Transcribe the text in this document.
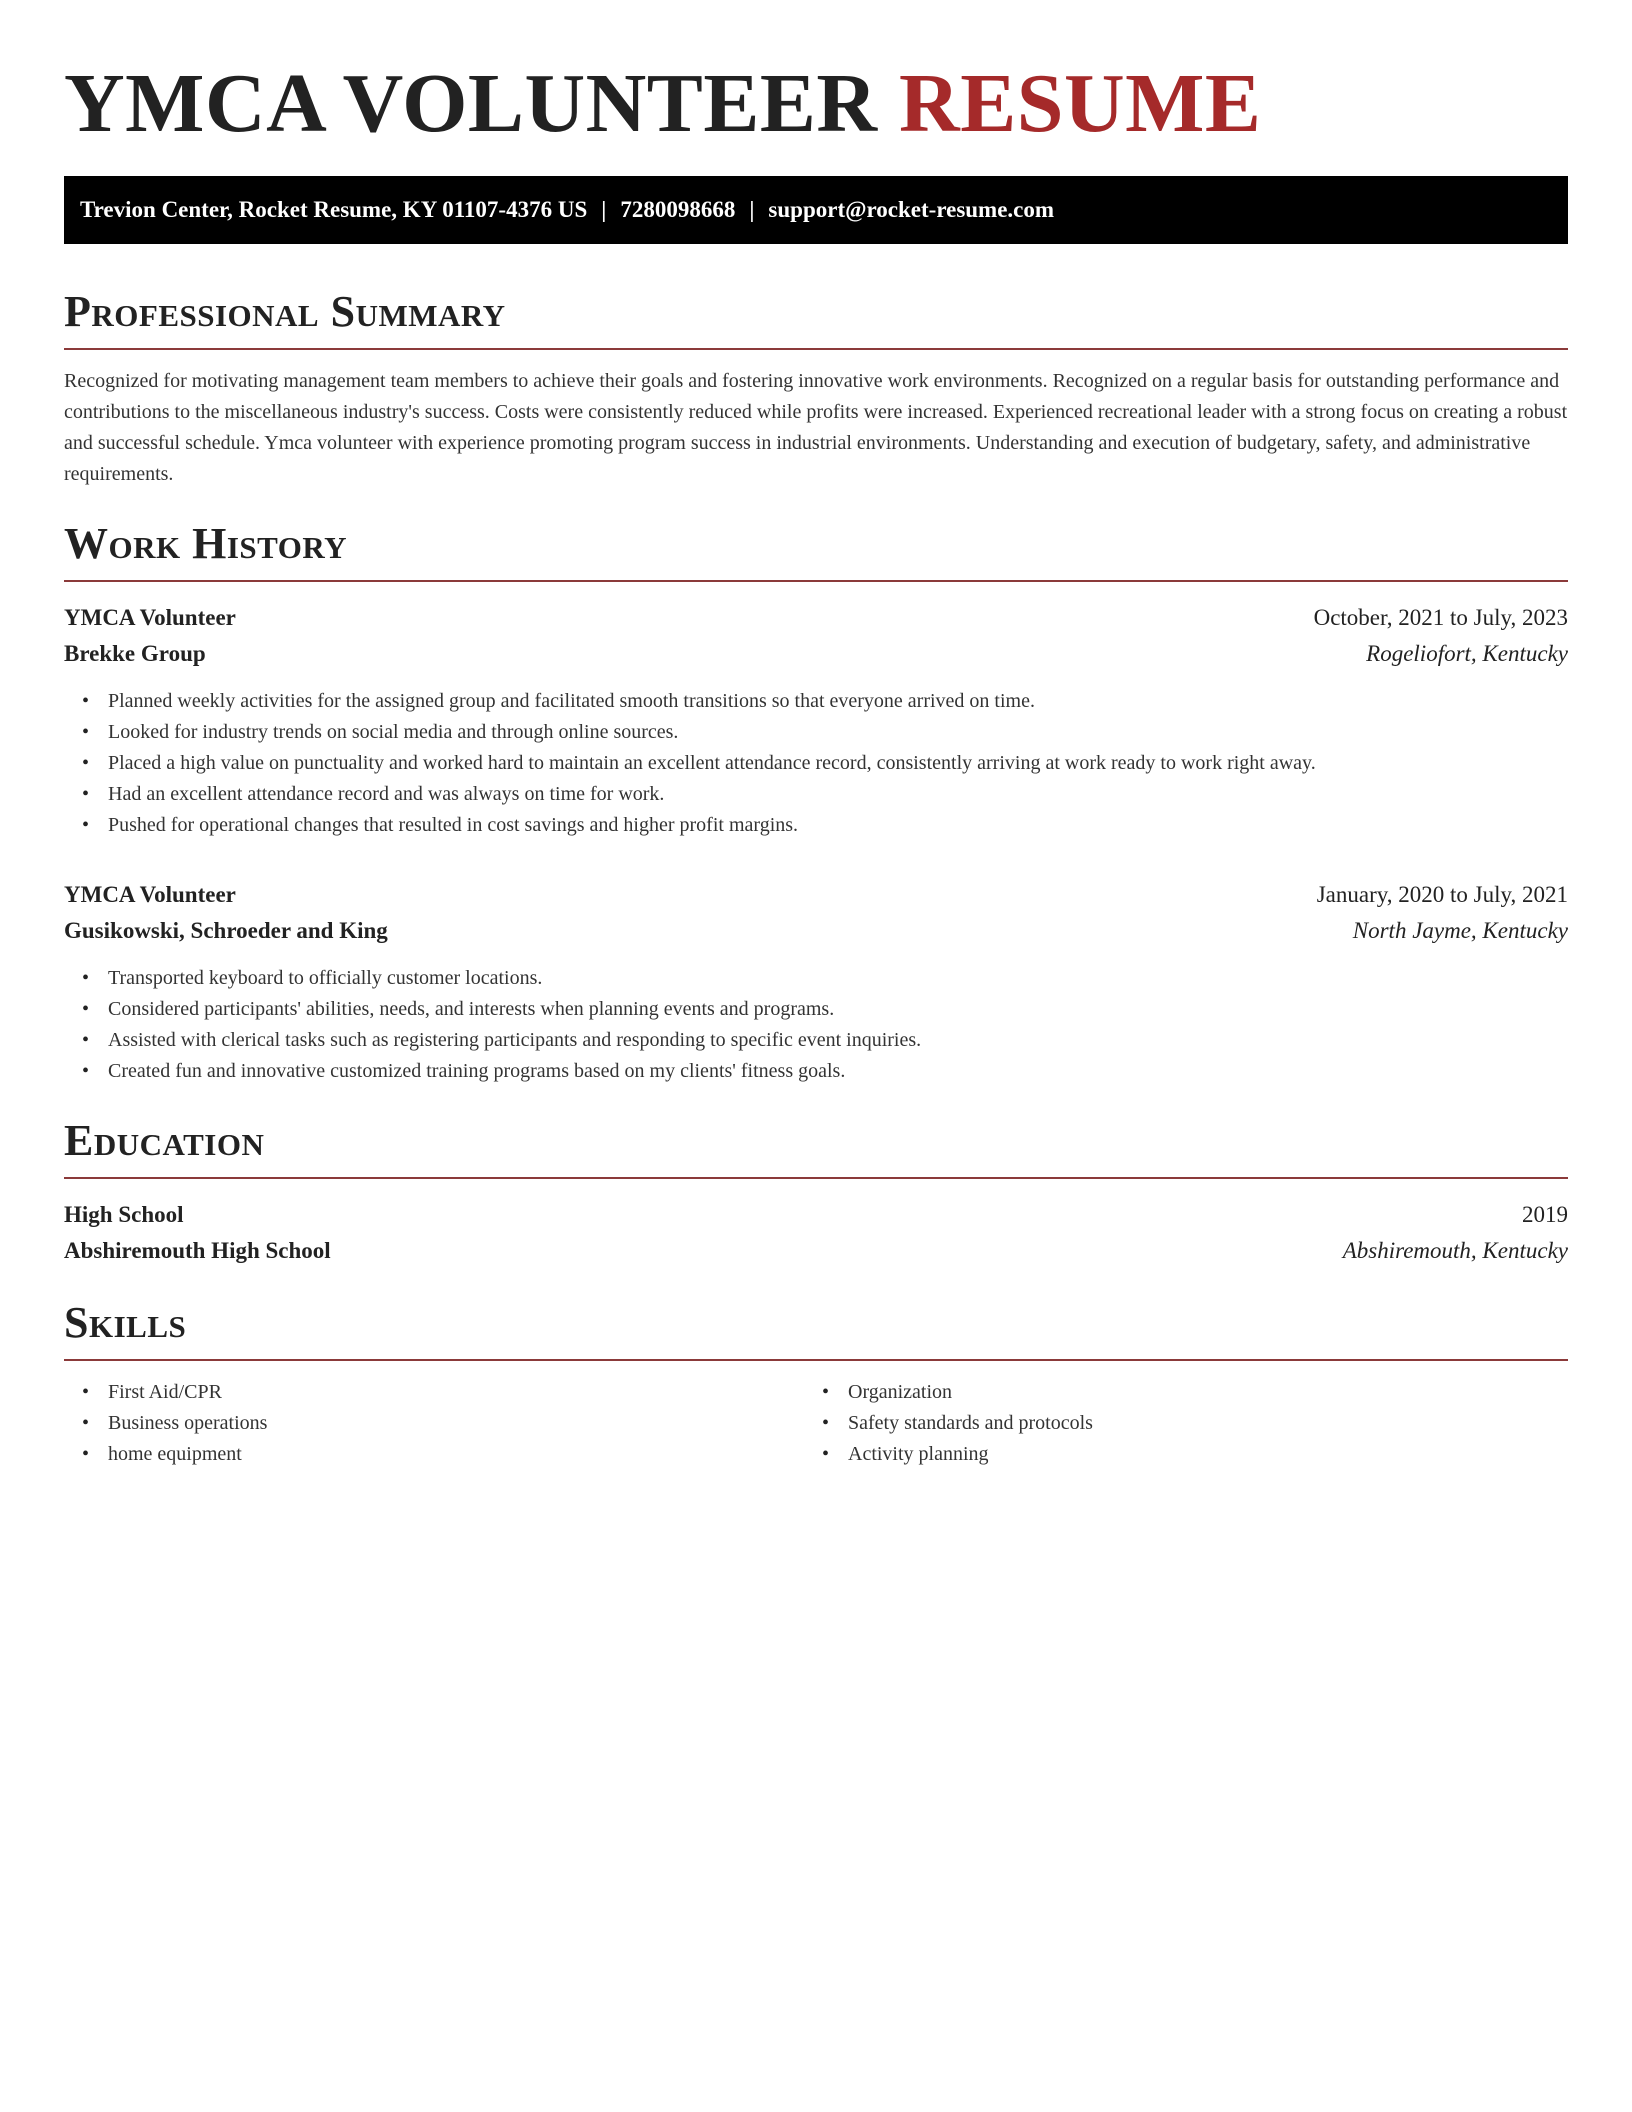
YMCA VOLUNTEER RESUME
Trevion Center, Rocket Resume, KY 01107-4376 US | 7280098668 | support@rocket-resume.com
Professional Summary

Recognized for motivating management team members to achieve their goals and fostering innovative work environments. Recognized on a regular basis for outstanding performance and contributions to the miscellaneous industry's success. Costs were consistently reduced while profits were increased. Experienced recreational leader with a strong focus on creating a robust and successful schedule. Ymca volunteer with experience promoting program success in industrial environments. Understanding and execution of budgetary, safety, and administrative requirements.

Work History
YMCA Volunteer	October, 2021 to July, 2023
Brekke Group	Rogeliofort, Kentucky
• Planned weekly activities for the assigned group and facilitated smooth transitions so that everyone arrived on time.
• Looked for industry trends on social media and through online sources.
• Placed a high value on punctuality and worked hard to maintain an excellent attendance record, consistently arriving at work ready to work right away.
• Had an excellent attendance record and was always on time for work.
• Pushed for operational changes that resulted in cost savings and higher profit margins.
YMCA Volunteer	January, 2020 to July, 2021
Gusikowski, Schroeder and King	North Jayme, Kentucky
• Transported keyboard to officially customer locations.
• Considered participants' abilities, needs, and interests when planning events and programs.
• Assisted with clerical tasks such as registering participants and responding to specific event inquiries.
• Created fun and innovative customized training programs based on my clients' fitness goals.
Education
High School	2019
Abshiremouth High School	Abshiremouth, Kentucky
Skills
• First Aid/CPR
• Business operations
• home equipment
• Organization
• Safety standards and protocols
• Activity planning
